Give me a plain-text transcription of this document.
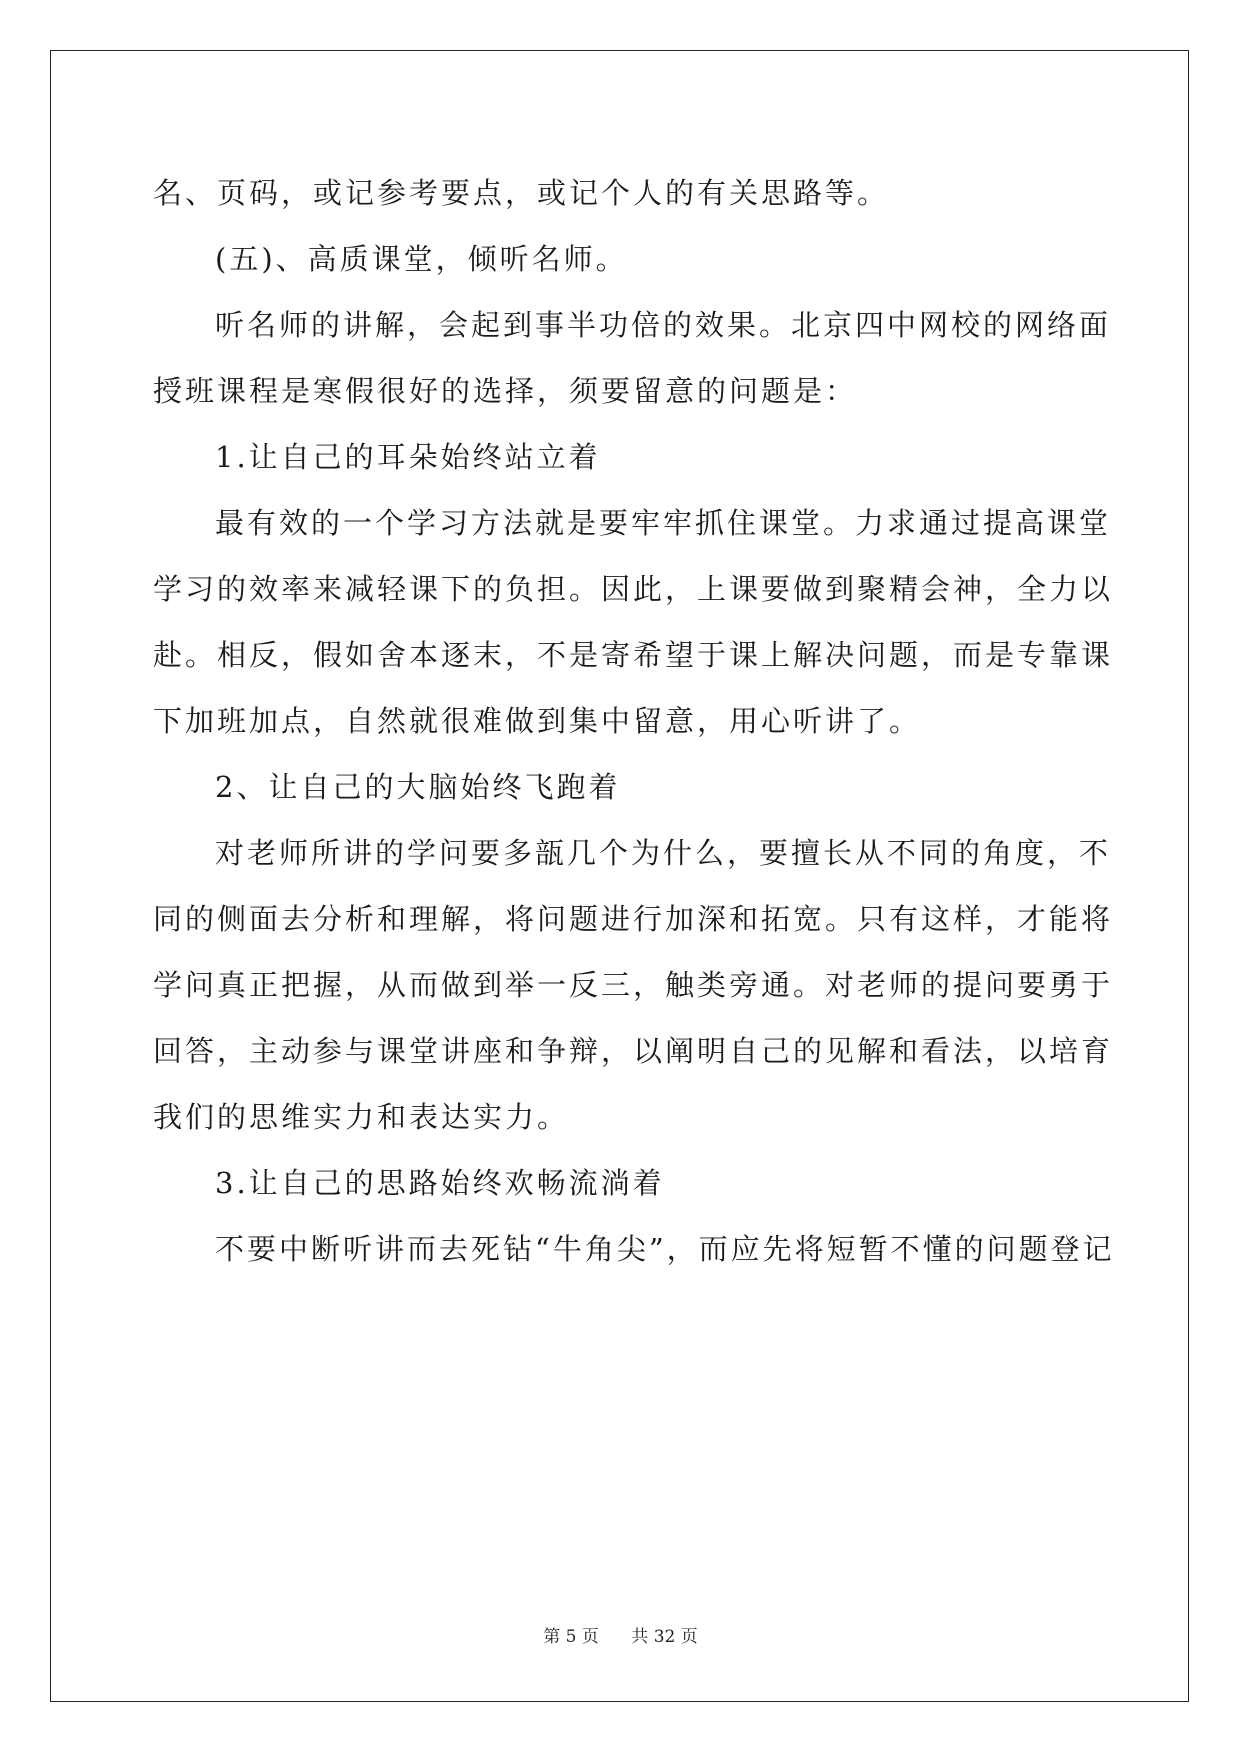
名、页码，或记参考要点，或记个人的有关思路等。
(五)、高质课堂，倾听名师。
听名师的讲解，会起到事半功倍的效果。北京四中网校的网络面
授班课程是寒假很好的选择，须要留意的问题是：
1.让自己的耳朵始终站立着
最有效的一个学习方法就是要牢牢抓住课堂。力求通过提高课堂
学习的效率来减轻课下的负担。因此，上课要做到聚精会神，全力以
赴。相反，假如舍本逐末，不是寄希望于课上解决问题，而是专靠课
下加班加点，自然就很难做到集中留意，用心听讲了。
2、让自己的大脑始终飞跑着
对老师所讲的学问要多瓿几个为什么，要擅长从不同的角度，不
同的侧面去分析和理解，将问题进行加深和拓宽。只有这样，才能将
学问真正把握，从而做到举一反三，触类旁通。对老师的提问要勇于
回答，主动参与课堂讲座和争辩，以阐明自己的见解和看法，以培育
我们的思维实力和表达实力。
3.让自己的思路始终欢畅流淌着
不要中断听讲而去死钻“牛角尖”，而应先将短暂不懂的问题登记
第 5 页 共 32 页
